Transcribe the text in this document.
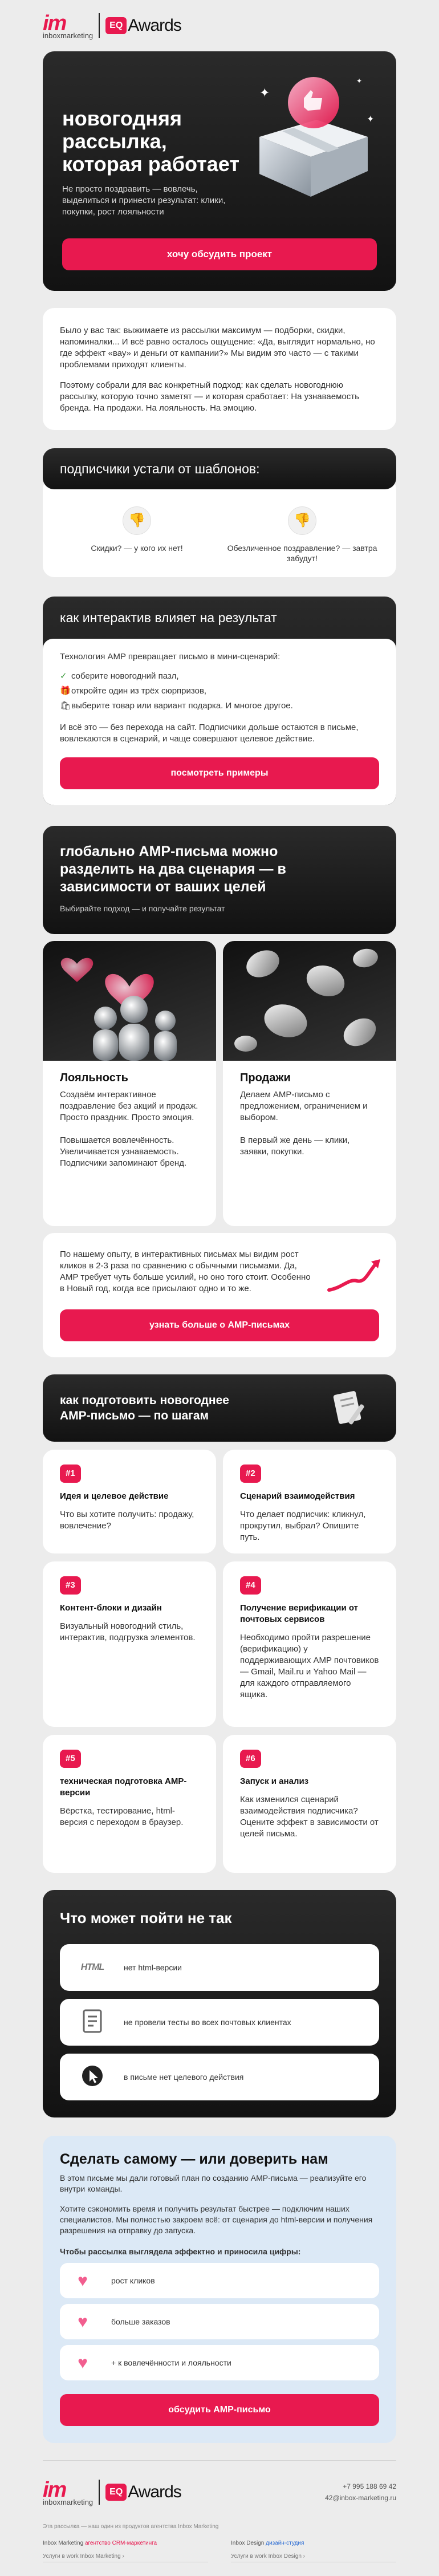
im
inboxmarketing
EQ Awards
✦
✦
✦
новогодняя рассылка, которая работает

Не просто поздравить — вовлечь, выделиться и принести результат: клики, покупки, рост лояльности

хочу обсудить проект

Было у вас так: выжимаете из рассылки максимум — подборки, скидки, напоминалки... И всё равно осталось ощущение: «Да, выглядит нормально, но где эффект «вау» и деньги от кампании?» Мы видим это часто — с такими проблемами приходят клиенты.

Поэтому собрали для вас конкретный подход: как сделать новогоднюю рассылку, которую точно заметят — и которая сработает: На узнаваемость бренда. На продажи. На лояльность. На эмоцию.

подписчики устали от шаблонов:
👎
Скидки? — у кого их нет!
👎
Обезличенное поздравление? — завтра забудут!
как интерактив влияет на результат

Технология AMP превращает письмо в мини-сценарий:

✓ соберите новогодний пазл,
🎁откройте один из трёх сюрпризов,
🛍выберите товар или вариант подарка. И многое другое.

И всё это — без перехода на сайт. Подписчики дольше остаются в письме, вовлекаются в сценарий, и чаще совершают целевое действие.

посмотреть примеры
глобально AMP-письма можно разделить на два сценария — в зависимости от ваших целей

Выбирайте подход — и получайте результат

Лояльность

Создаём интерактивное поздравление без акций и продаж. Просто праздник. Просто эмоция.

Повышается вовлечённость. Увеличивается узнаваемость. Подписчики запоминают бренд.

Продажи

Делаем AMP-письмо с предложением, ограничением и выбором.

В первый же день — клики, заявки, покупки.

По нашему опыту, в интерактивных письмах мы видим рост кликов в 2-3 раза по сравнению с обычными письмами. Да, AMP требует чуть больше усилий, но оно того стоит. Особенно в Новый год, когда все присылают одно и то же.

узнать больше о AMP-письмах
как подготовить новогоднее AMP-письмо — по шагам
#1
Идея и целевое действие

Что вы хотите получить: продажу, вовлечение?

#2
Сценарий взаимодействия

Что делает подписчик: кликнул, прокрутил, выбрал? Опишите путь.

#3
Контент-блоки и дизайн

Визуальный новогодний стиль, интерактив, подгрузка элементов.

#4
Получение верификации от почтовых сервисов

Необходимо пройти разрешение (верификацию) у поддерживающих AMP почтовиков — Gmail, Mail.ru и Yahoo Mail — для каждого отправляемого ящика.

#5
техническая подготовка AMP-версии

Вёрстка, тестирование, html-версия с переходом в браузер.

#6
Запуск и анализ

Как изменился сценарий взаимодействия подписчика? Оцените эффект в зависимости от целей письма.

Что может пойти не так
HTML	нет html-версии
не провели тесты во всех почтовых клиентах
в письме нет целевого действия
Сделать самому — или доверить нам

В этом письме мы дали готовый план по созданию AMP-письма — реализуйте его внутри команды.

Хотите сэкономить время и получить результат быстрее — подключим наших специалистов. Мы полностью закроем всё: от сценария до html-версии и получения разрешения на отправку до запуска.

Чтобы рассылка выглядела эффектно и приносила цифры:

♥	рост кликов
♥	больше заказов
♥	+ к вовлечённости и лояльности
обсудить AMP-письмо
im
inboxmarketing
EQ Awards	+7 995 188 69 42
42@inbox-marketing.ru

Эта рассылка — наш один из продуктов агентства Inbox Marketing

Inbox Marketing агентство CRM-маркетинга
Услуги в work Inbox Marketing ›
Inbox Design дизайн-студия
Услуги в work Inbox Design ›
